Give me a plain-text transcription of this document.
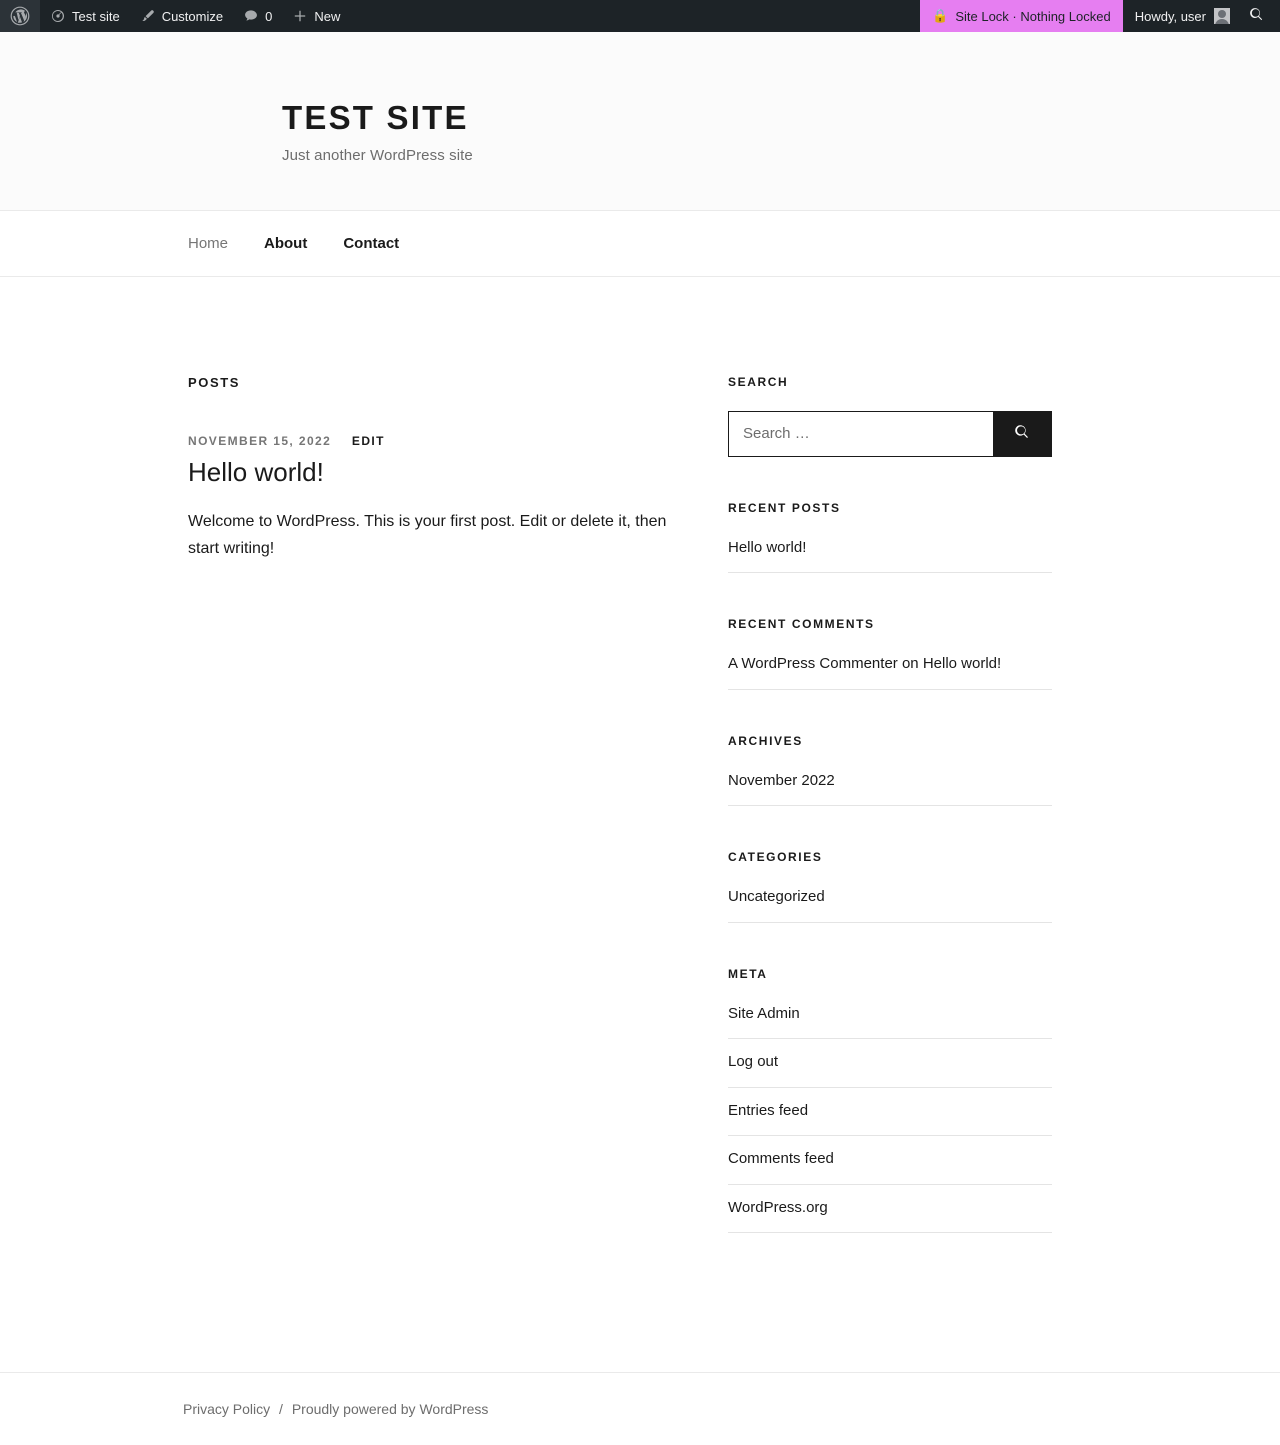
Test site	Customize	0	New	🔒 Site Lock · Nothing Locked Howdy, user
TEST SITE

Just another WordPress site

Home About Contact
POSTS
NOVEMBER 15, 2022 EDIT
Hello world!

Welcome to WordPress. This is your first post. Edit or delete it, then start writing!

SEARCH
Search …
RECENT POSTS
Hello world!
RECENT COMMENTS
A WordPress Commenter on Hello world!
ARCHIVES
November 2022
CATEGORIES
Uncategorized
META
Site Admin
Log out
Entries feed
Comments feed
WordPress.org
Privacy Policy / Proudly powered by WordPress
